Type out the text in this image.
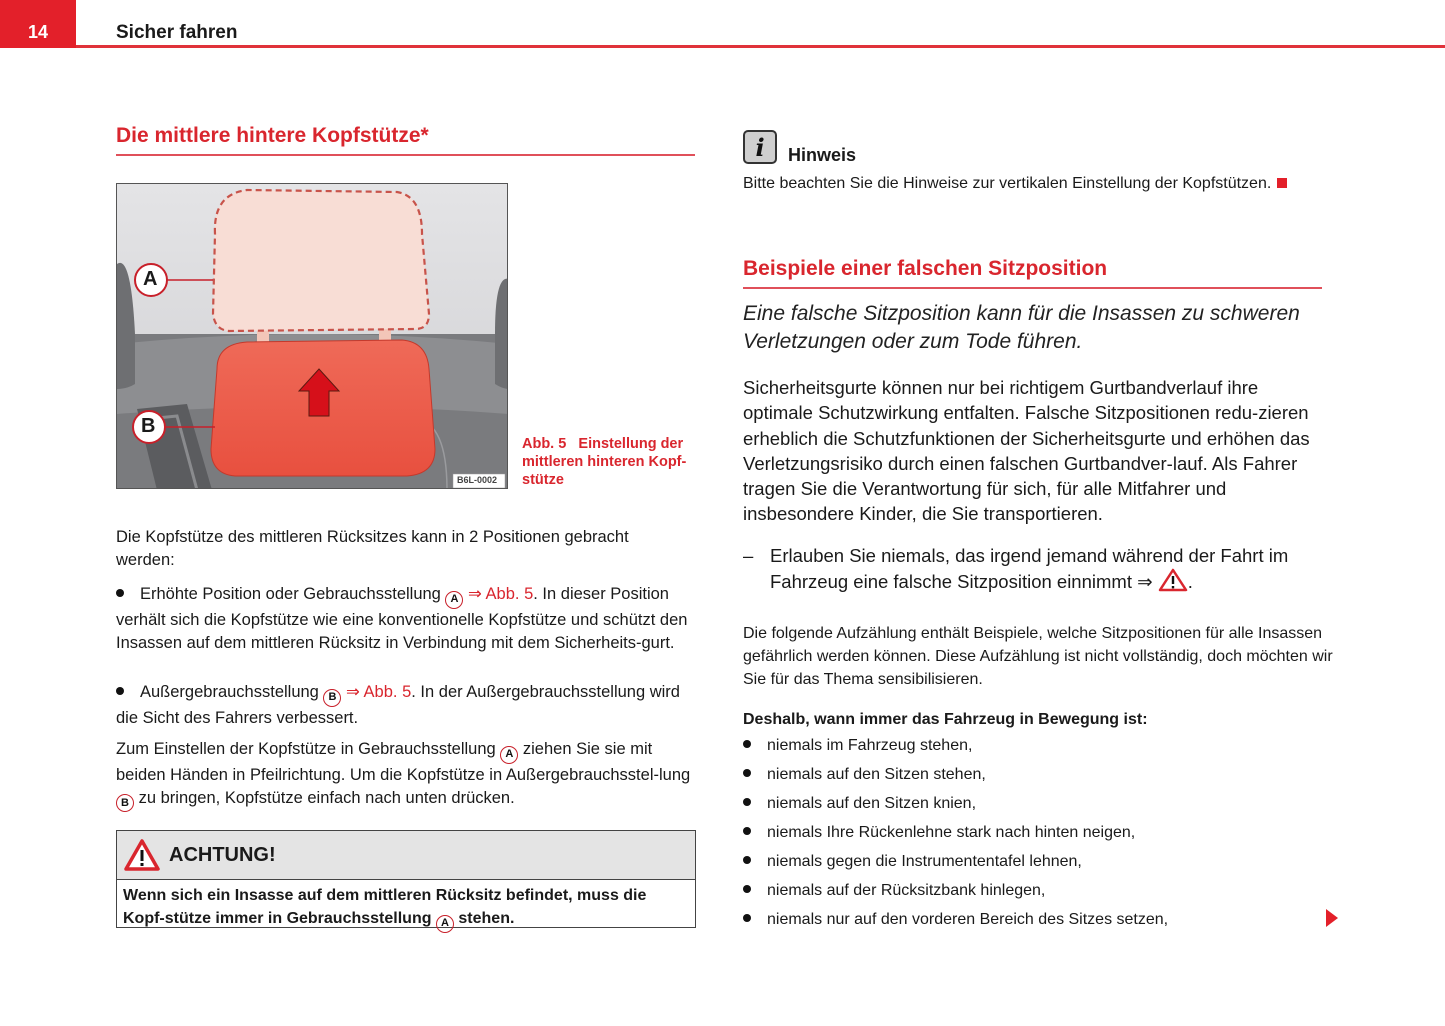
14	Sicher fahren
Die mittlere hintere Kopfstütze*
A
B
B6L-0002
Abb. 5 Einstellung der mittleren hinteren Kopf-stütze
Die Kopfstütze des mittleren Rücksitzes kann in 2 Positionen gebracht werden:
Erhöhte Position oder Gebrauchsstellung A ⇒ Abb. 5. In dieser Position verhält sich die Kopfstütze wie eine konventionelle Kopfstütze und schützt den Insassen auf dem mittleren Rücksitz in Verbindung mit dem Sicherheits-gurt.
Außergebrauchsstellung B ⇒ Abb. 5. In der Außergebrauchsstellung wird die Sicht des Fahrers verbessert.
Zum Einstellen der Kopfstütze in Gebrauchsstellung A ziehen Sie sie mit beiden Händen in Pfeilrichtung. Um die Kopfstütze in Außergebrauchsstel-lung B zu bringen, Kopfstütze einfach nach unten drücken.
ACHTUNG!
Wenn sich ein Insasse auf dem mittleren Rücksitz befindet, muss die Kopf-stütze immer in Gebrauchsstellung A stehen.
i	Hinweis
Bitte beachten Sie die Hinweise zur vertikalen Einstellung der Kopfstützen.
Beispiele einer falschen Sitzposition
Eine falsche Sitzposition kann für die Insassen zu schweren Verletzungen oder zum Tode führen.
Sicherheitsgurte können nur bei richtigem Gurtbandverlauf ihre optimale Schutzwirkung entfalten. Falsche Sitzpositionen redu-zieren erheblich die Schutzfunktionen der Sicherheitsgurte und erhöhen das Verletzungsrisiko durch einen falschen Gurtbandver-lauf. Als Fahrer tragen Sie die Verantwortung für sich, für alle Mitfahrer und insbesondere Kinder, die Sie transportieren.
– Erlauben Sie niemals, das irgend jemand während der Fahrt im Fahrzeug eine falsche Sitzposition einnimmt ⇒ .
Die folgende Aufzählung enthält Beispiele, welche Sitzpositionen für alle Insassen gefährlich werden können. Diese Aufzählung ist nicht vollständig, doch möchten wir Sie für das Thema sensibilisieren.
Deshalb, wann immer das Fahrzeug in Bewegung ist:
niemals im Fahrzeug stehen,
niemals auf den Sitzen stehen,
niemals auf den Sitzen knien,
niemals Ihre Rückenlehne stark nach hinten neigen,
niemals gegen die Instrumententafel lehnen,
niemals auf der Rücksitzbank hinlegen,
niemals nur auf den vorderen Bereich des Sitzes setzen,
